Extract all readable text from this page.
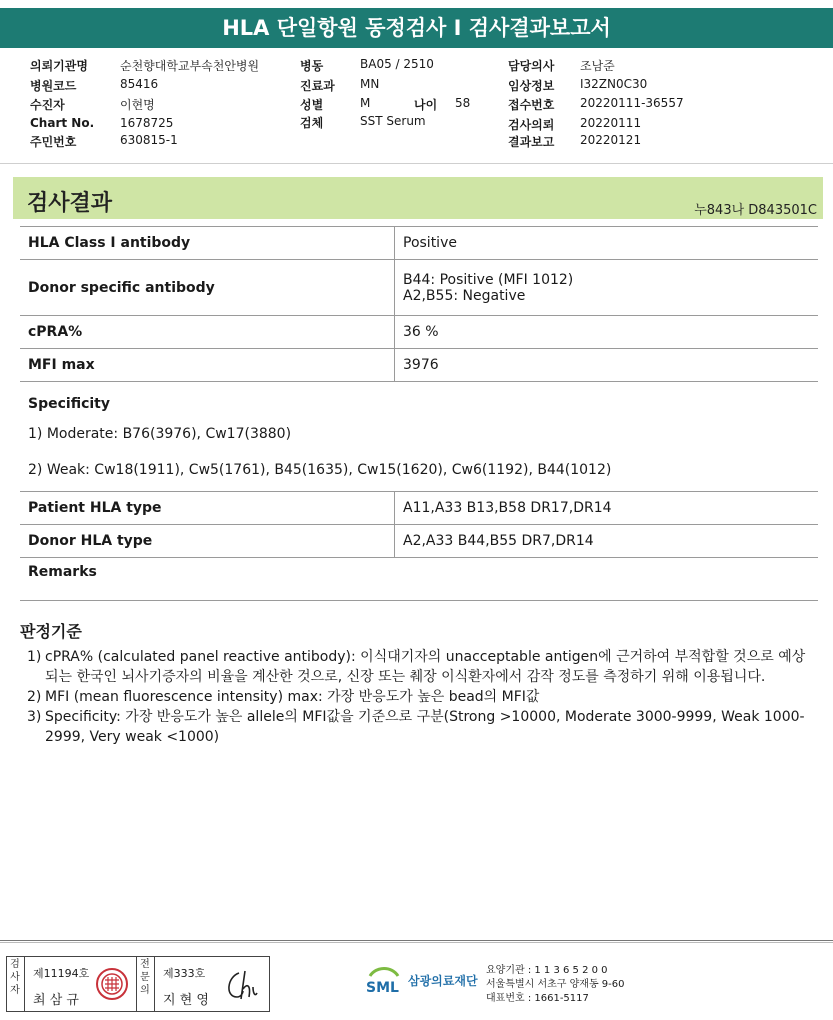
HLA 단일항원 동정검사 I 검사결과보고서
의뢰기관명	순천향대학교부속천안병원
병원코드	85416
수진자	이현명
Chart No. 1678725
주민번호	630815-1
병동	BA05 / 2510
진료과 MN
성별	M	나이 58
검체	SST Serum
담당의사 조남준
임상정보 I32ZN0C30
접수번호 20220111-36557
검사의뢰 20220111
결과보고 20220121
검사결과	누843나 D843501C
HLA Class Ⅰ antibody	Positive
Donor specific antibody	B44: Positive (MFI 1012)
A2,B55: Negative

cPRA%	36 %
MFI max	3976

Specificity
1) Moderate: B76(3976), Cw17(3880)
2) Weak: Cw18(1911), Cw5(1761), B45(1635), Cw15(1620), Cw6(1192), B44(1012)	

Patient HLA type	A11,A33 B13,B58 DR17,DR14
Donor HLA type	A2,A33 B44,B55 DR7,DR14
Remarks	
판정기준
1) cPRA% (calculated panel reactive antibody): 이식대기자의 unacceptable antigen에 근거하여 부적합할 것으로 예상되는 한국인 뇌사기증자의 비율을 계산한 것으로, 신장 또는 췌장 이식환자에서 감작 정도를 측정하기 위해 이용됩니다.
2) MFI (mean fluorescence intensity) max: 가장 반응도가 높은 bead의 MFI값
3) Specificity: 가장 반응도가 높은 allele의 MFI값을 기준으로 구분(Strong >10000, Moderate 3000-9999, Weak 1000-2999, Very weak <1000)
검사자
제11194호
최 삼 규
전문의
제333호
지 현 영
SML 삼광의료재단
요양기관 : 1 1 3 6 5 2 0 0
서울특별시 서초구 양재동 9-60
대표번호 : 1661-5117
